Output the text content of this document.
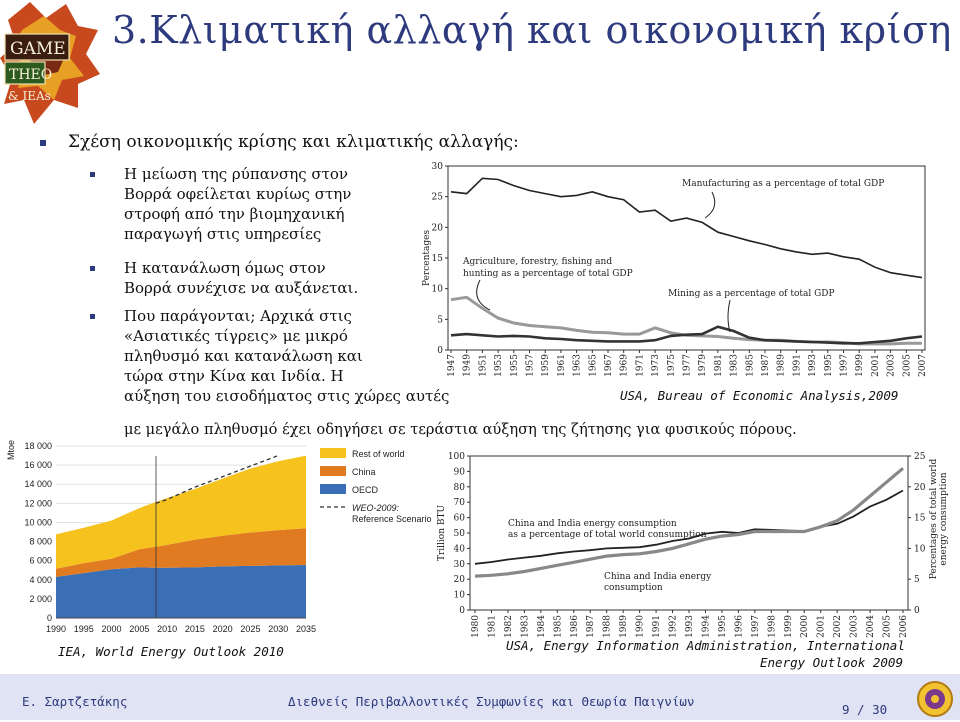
GAME
THEO
& IEAs
3.Κλιματική αλλαγή και οικονομική κρίση
Σχέση οικονομικής κρίσης και κλιματικής αλλαγής:
Η μείωση της ρύπανσης στον
Βορρά οφείλεται κυρίως στην
στροφή από την βιομηχανική
παραγωγή στις υπηρεσίες
Η κατανάλωση όμως στον
Βορρά συνέχισε να αυξάνεται.
Που παράγονται; Αρχικά στις
«Ασιατικές τίγρεις» με μικρό
πληθυσμό και κατανάλωση και
τώρα στην Κίνα και Ινδία. Η
αύξηση του εισοδήματος στις χώρες αυτές
με μεγάλο πληθυσμό έχει οδηγήσει σε τεράστια αύξηση της ζήτησης για φυσικούς πόρους.
0
5
10
15
20
25
30
1947 1949 1951 1953 1955 1957 1959 1961 1963 1965 1967 1969 1971 1973 1975 1977 1979 1981 1983 1985 1987 1989 1991 1993 1995 1997 1999 2001 2003 2005 2007
Percentages
Manufacturing as a percentage of total GDP
Agriculture, forestry, fishing and
hunting as a percentage of total GDP
Mining as a percentage of total GDP
USA, Bureau of Economic Analysis,2009
0
2 000
4 000
6 000
8 000
10 000
12 000
14 000
16 000
18 000
1990 1995 2000 2005 2010 2015 2020 2025 2030 2035
Mtoe	Rest of world
China
OECD
WEO-2009:
Reference Scenario
IEA, World Energy Outlook 2010
0
10
20
30
40
50
60
70
80
90
100
0
5
10
15
20
25
1980 1981 1982 1983 1984 1985 1986 1987 1988 1989 1990 1991 1992 1993 1994 1995 1996 1997 1998 1999 2000 2001 2002 2003 2004 2005 2006
Trillion BTU	Percentages of total world energy consumption
China and India energy consumption
as a percentage of total world consumption
China and India energy
consumption
USA, Energy Information Administration, International
Energy Outlook 2009
Ε. Σαρτζετάκης	Διεθνείς Περιβαλλοντικές Συμφωνίες και Θεωρία Παιγνίων
9 / 30
